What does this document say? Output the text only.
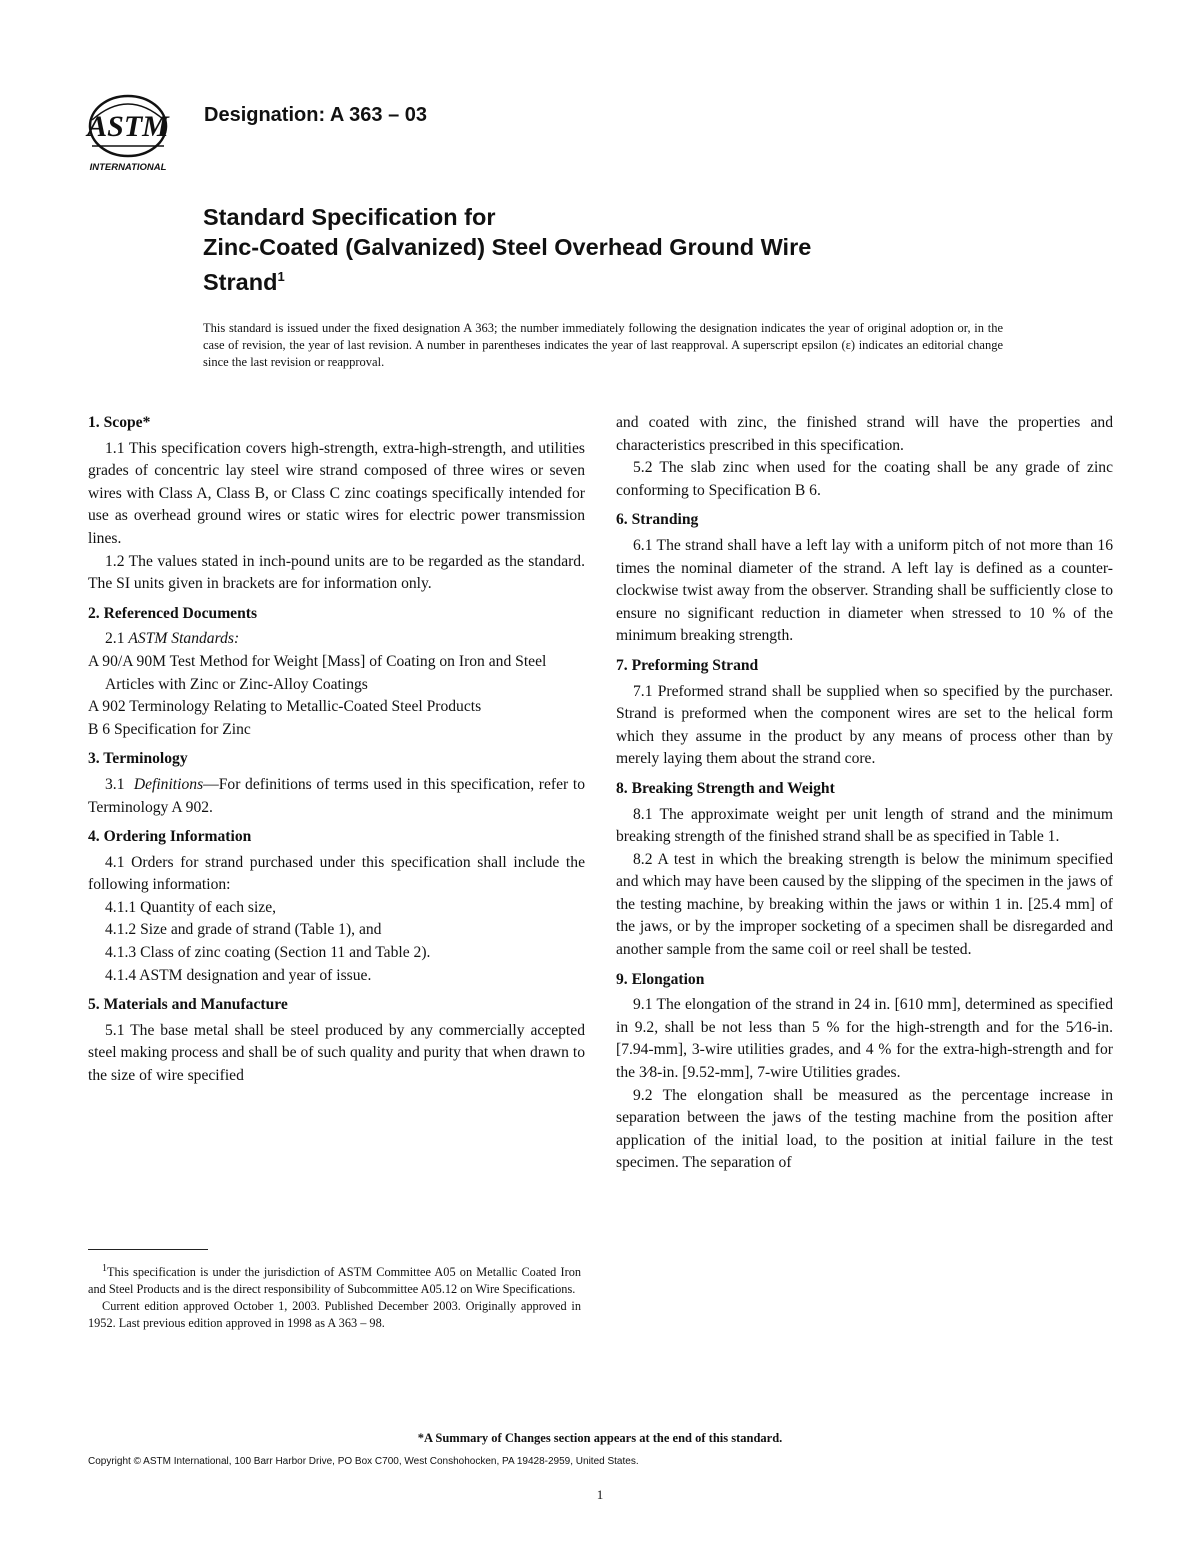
ASTM
INTERNATIONAL
Designation: A 363 – 03
Standard Specification for
Zinc-Coated (Galvanized) Steel Overhead Ground Wire
Strand$^1$
This standard is issued under the fixed designation A 363; the number immediately following the designation indicates the year of original adoption or, in the case of revision, the year of last revision. A number in parentheses indicates the year of last reapproval. A superscript epsilon (ε) indicates an editorial change since the last revision or reapproval.
1. Scope*

1.1 This specification covers high-strength, extra-high-strength, and utilities grades of concentric lay steel wire strand composed of three wires or seven wires with Class A, Class B, or Class C zinc coatings specifically intended for use as overhead ground wires or static wires for electric power transmission lines.

1.2 The values stated in inch-pound units are to be regarded as the standard. The SI units given in brackets are for information only.

2. Referenced Documents

2.1 ASTM Standards:

A 90/A 90M Test Method for Weight [Mass] of Coating on Iron and Steel Articles with Zinc or Zinc-Alloy Coatings

A 902 Terminology Relating to Metallic-Coated Steel Products

B 6 Specification for Zinc

3. Terminology

3.1 Definitions—For definitions of terms used in this specification, refer to Terminology A 902.

4. Ordering Information

4.1 Orders for strand purchased under this specification shall include the following information:

4.1.1 Quantity of each size,

4.1.2 Size and grade of strand (Table 1), and

4.1.3 Class of zinc coating (Section 11 and Table 2).

4.1.4 ASTM designation and year of issue.

5. Materials and Manufacture

5.1 The base metal shall be steel produced by any commercially accepted steel making process and shall be of such quality and purity that when drawn to the size of wire specified

and coated with zinc, the finished strand will have the properties and characteristics prescribed in this specification.

5.2 The slab zinc when used for the coating shall be any grade of zinc conforming to Specification B 6.

6. Stranding

6.1 The strand shall have a left lay with a uniform pitch of not more than 16 times the nominal diameter of the strand. A left lay is defined as a counter-clockwise twist away from the observer. Stranding shall be sufficiently close to ensure no significant reduction in diameter when stressed to 10 % of the minimum breaking strength.

7. Preforming Strand

7.1 Preformed strand shall be supplied when so specified by the purchaser. Strand is preformed when the component wires are set to the helical form which they assume in the product by any means of process other than by merely laying them about the strand core.

8. Breaking Strength and Weight

8.1 The approximate weight per unit length of strand and the minimum breaking strength of the finished strand shall be as specified in Table 1.

8.2 A test in which the breaking strength is below the minimum specified and which may have been caused by the slipping of the specimen in the jaws of the testing machine, by breaking within the jaws or within 1 in. [25.4 mm] of the jaws, or by the improper socketing of a specimen shall be disregarded and another sample from the same coil or reel shall be tested.

9. Elongation

9.1 The elongation of the strand in 24 in. [610 mm], determined as specified in 9.2, shall be not less than 5 % for the high-strength and for the 5⁄16-in. [7.94-mm], 3-wire utilities grades, and 4 % for the extra-high-strength and for the 3⁄8-in. [9.52-mm], 7-wire Utilities grades.

9.2 The elongation shall be measured as the percentage increase in separation between the jaws of the testing machine from the position after application of the initial load, to the position at initial failure in the test specimen. The separation of

$^1$This specification is under the jurisdiction of ASTM Committee A05 on Metallic Coated Iron and Steel Products and is the direct responsibility of Subcommittee A05.12 on Wire Specifications.

Current edition approved October 1, 2003. Published December 2003. Originally approved in 1952. Last previous edition approved in 1998 as A 363 – 98.

*A Summary of Changes section appears at the end of this standard.
Copyright © ASTM International, 100 Barr Harbor Drive, PO Box C700, West Conshohocken, PA 19428-2959, United States.
1
